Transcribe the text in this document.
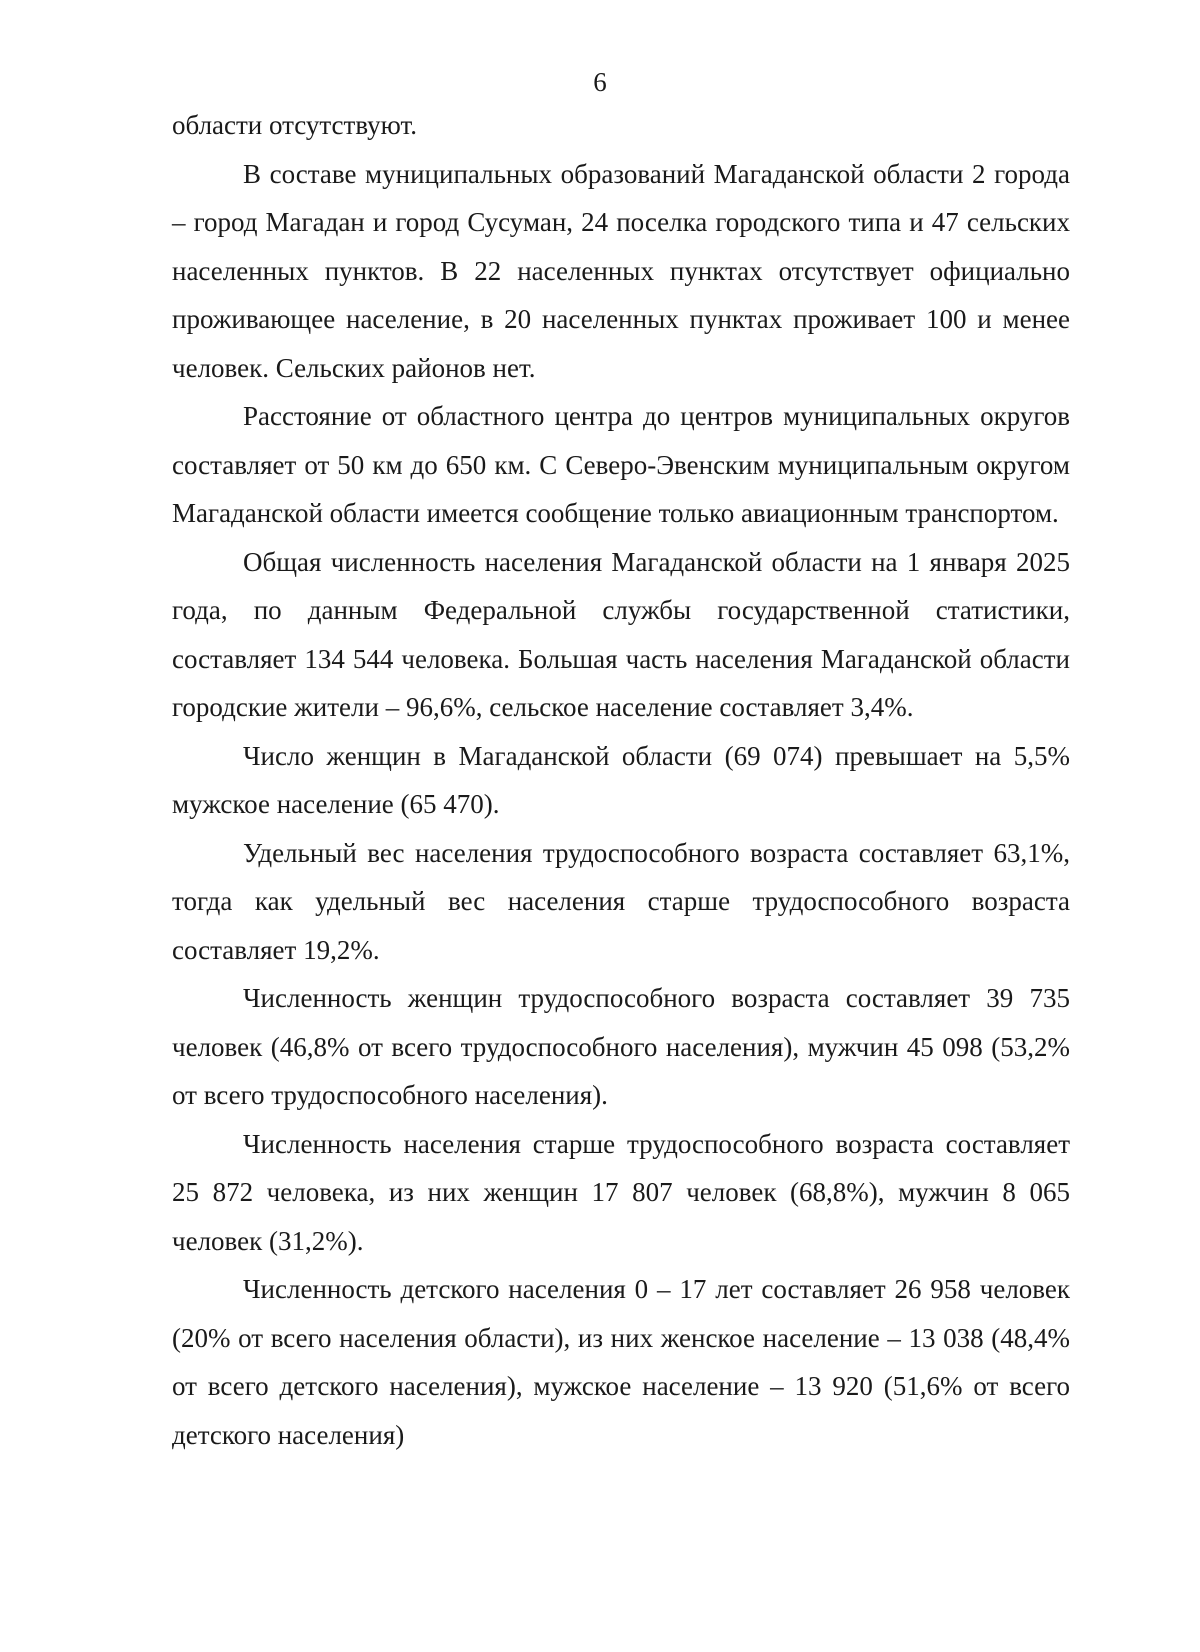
6

области отсутствуют.

В составе муниципальных образований Магаданской области 2 города – город Магадан и город Сусуман, 24 поселка городского типа и 47 сельских населенных пунктов. В 22 населенных пунктах отсутствует официально проживающее население, в 20 населенных пунктах проживает 100 и менее человек. Сельских районов нет.

Расстояние от областного центра до центров муниципальных округов составляет от 50 км до 650 км. С Северо-Эвенским муниципальным округом Магаданской области имеется сообщение только авиационным транспортом.

Общая численность населения Магаданской области на 1 января 2025 года, по данным Федеральной службы государственной статистики, составляет 134 544 человека. Большая часть населения Магаданской области городские жители – 96,6%, сельское население составляет 3,4%.

Число женщин в Магаданской области (69 074) превышает на 5,5% мужское население (65 470).

Удельный вес населения трудоспособного возраста составляет 63,1%, тогда как удельный вес населения старше трудоспособного возраста составляет 19,2%.

Численность женщин трудоспособного возраста составляет 39 735 человек (46,8% от всего трудоспособного населения), мужчин 45 098 (53,2% от всего трудоспособного населения).

Численность населения старше трудоспособного возраста составляет 25 872 человека, из них женщин 17 807 человек (68,8%), мужчин 8 065 человек (31,2%).

Численность детского населения 0 – 17 лет составляет 26 958 человек (20% от всего населения области), из них женское население – 13 038 (48,4% от всего детского населения), мужское население – 13 920 (51,6% от всего детского населения)
